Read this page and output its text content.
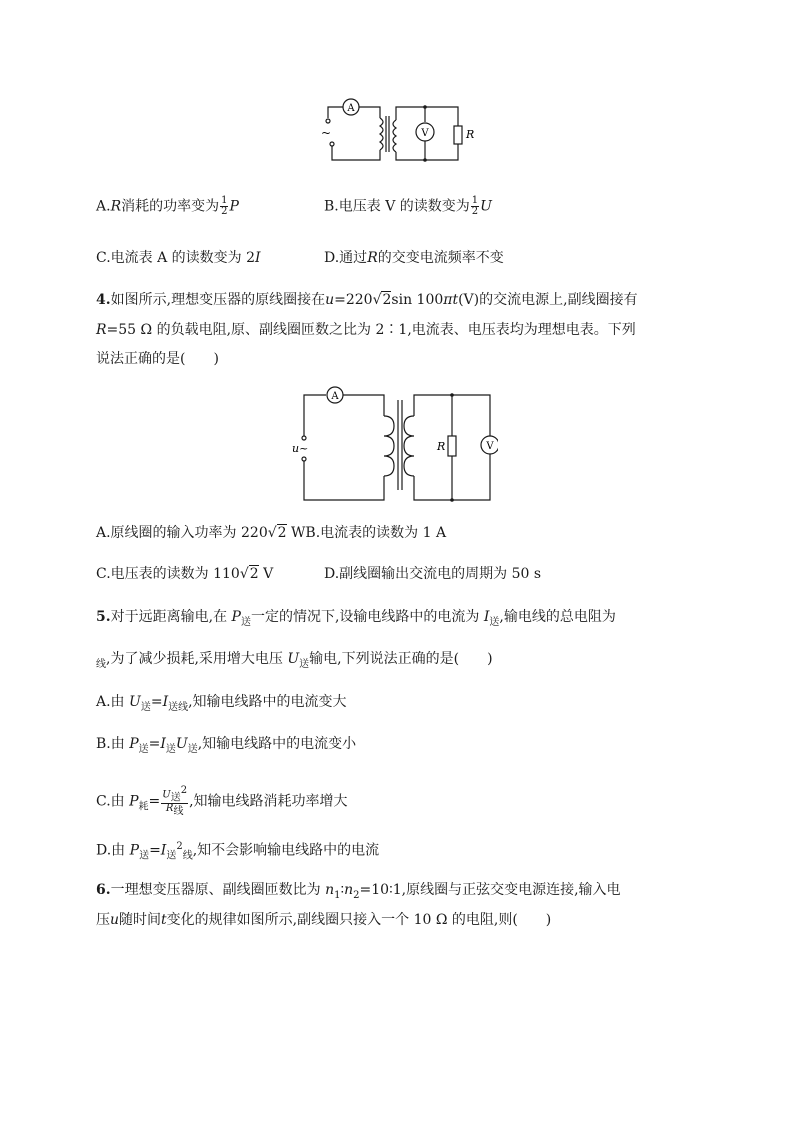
~
A
V	R
A.R消耗的功率变为 $\frac{1}{2}$ P	B.电压表 V 的读数变为 $\frac{1}{2}$ U
C.电流表 A 的读数变为 2I	D.通过R的交变电流频率不变
4.如图所示,理想变压器的原线圈接在u=220√2sin 100πt(V)的交流电源上,副线圈接有
R=55 Ω 的负载电阻,原、副线圈匝数之比为 2∶1,电流表、电压表均为理想电表。下列
说法正确的是(　　)
u~
A
R	V
A.原线圈的输入功率为 220√2 WB.电流表的读数为 1 A
C.电压表的读数为 110√2 V	D.副线圈输出交流电的周期为 50 s
5.对于远距离输电,在 $P_送$一定的情况下,设输电线路中的电流为 $I_送$,输电线的总电阻为
$_线$,为了减少损耗,采用增大电压 $U_送$输电,下列说法正确的是(　　)
A.由 $U_送=I_{送线}$,知输电线路中的电流变大
B.由 $P_送=I_送U_送$,知输电线路中的电流变小
C.由 $P_耗= \frac{U_送^2}{R_线}$ ,知输电线路消耗功率增大
D.由 $P_送=I_送^2_线$,知不会影响输电线路中的电流
6.一理想变压器原、副线圈匝数比为 $n_1∶n_2=10∶1$,原线圈与正弦交变电源连接,输入电
压u随时间t变化的规律如图所示,副线圈只接入一个 10 Ω 的电阻,则(　　)
